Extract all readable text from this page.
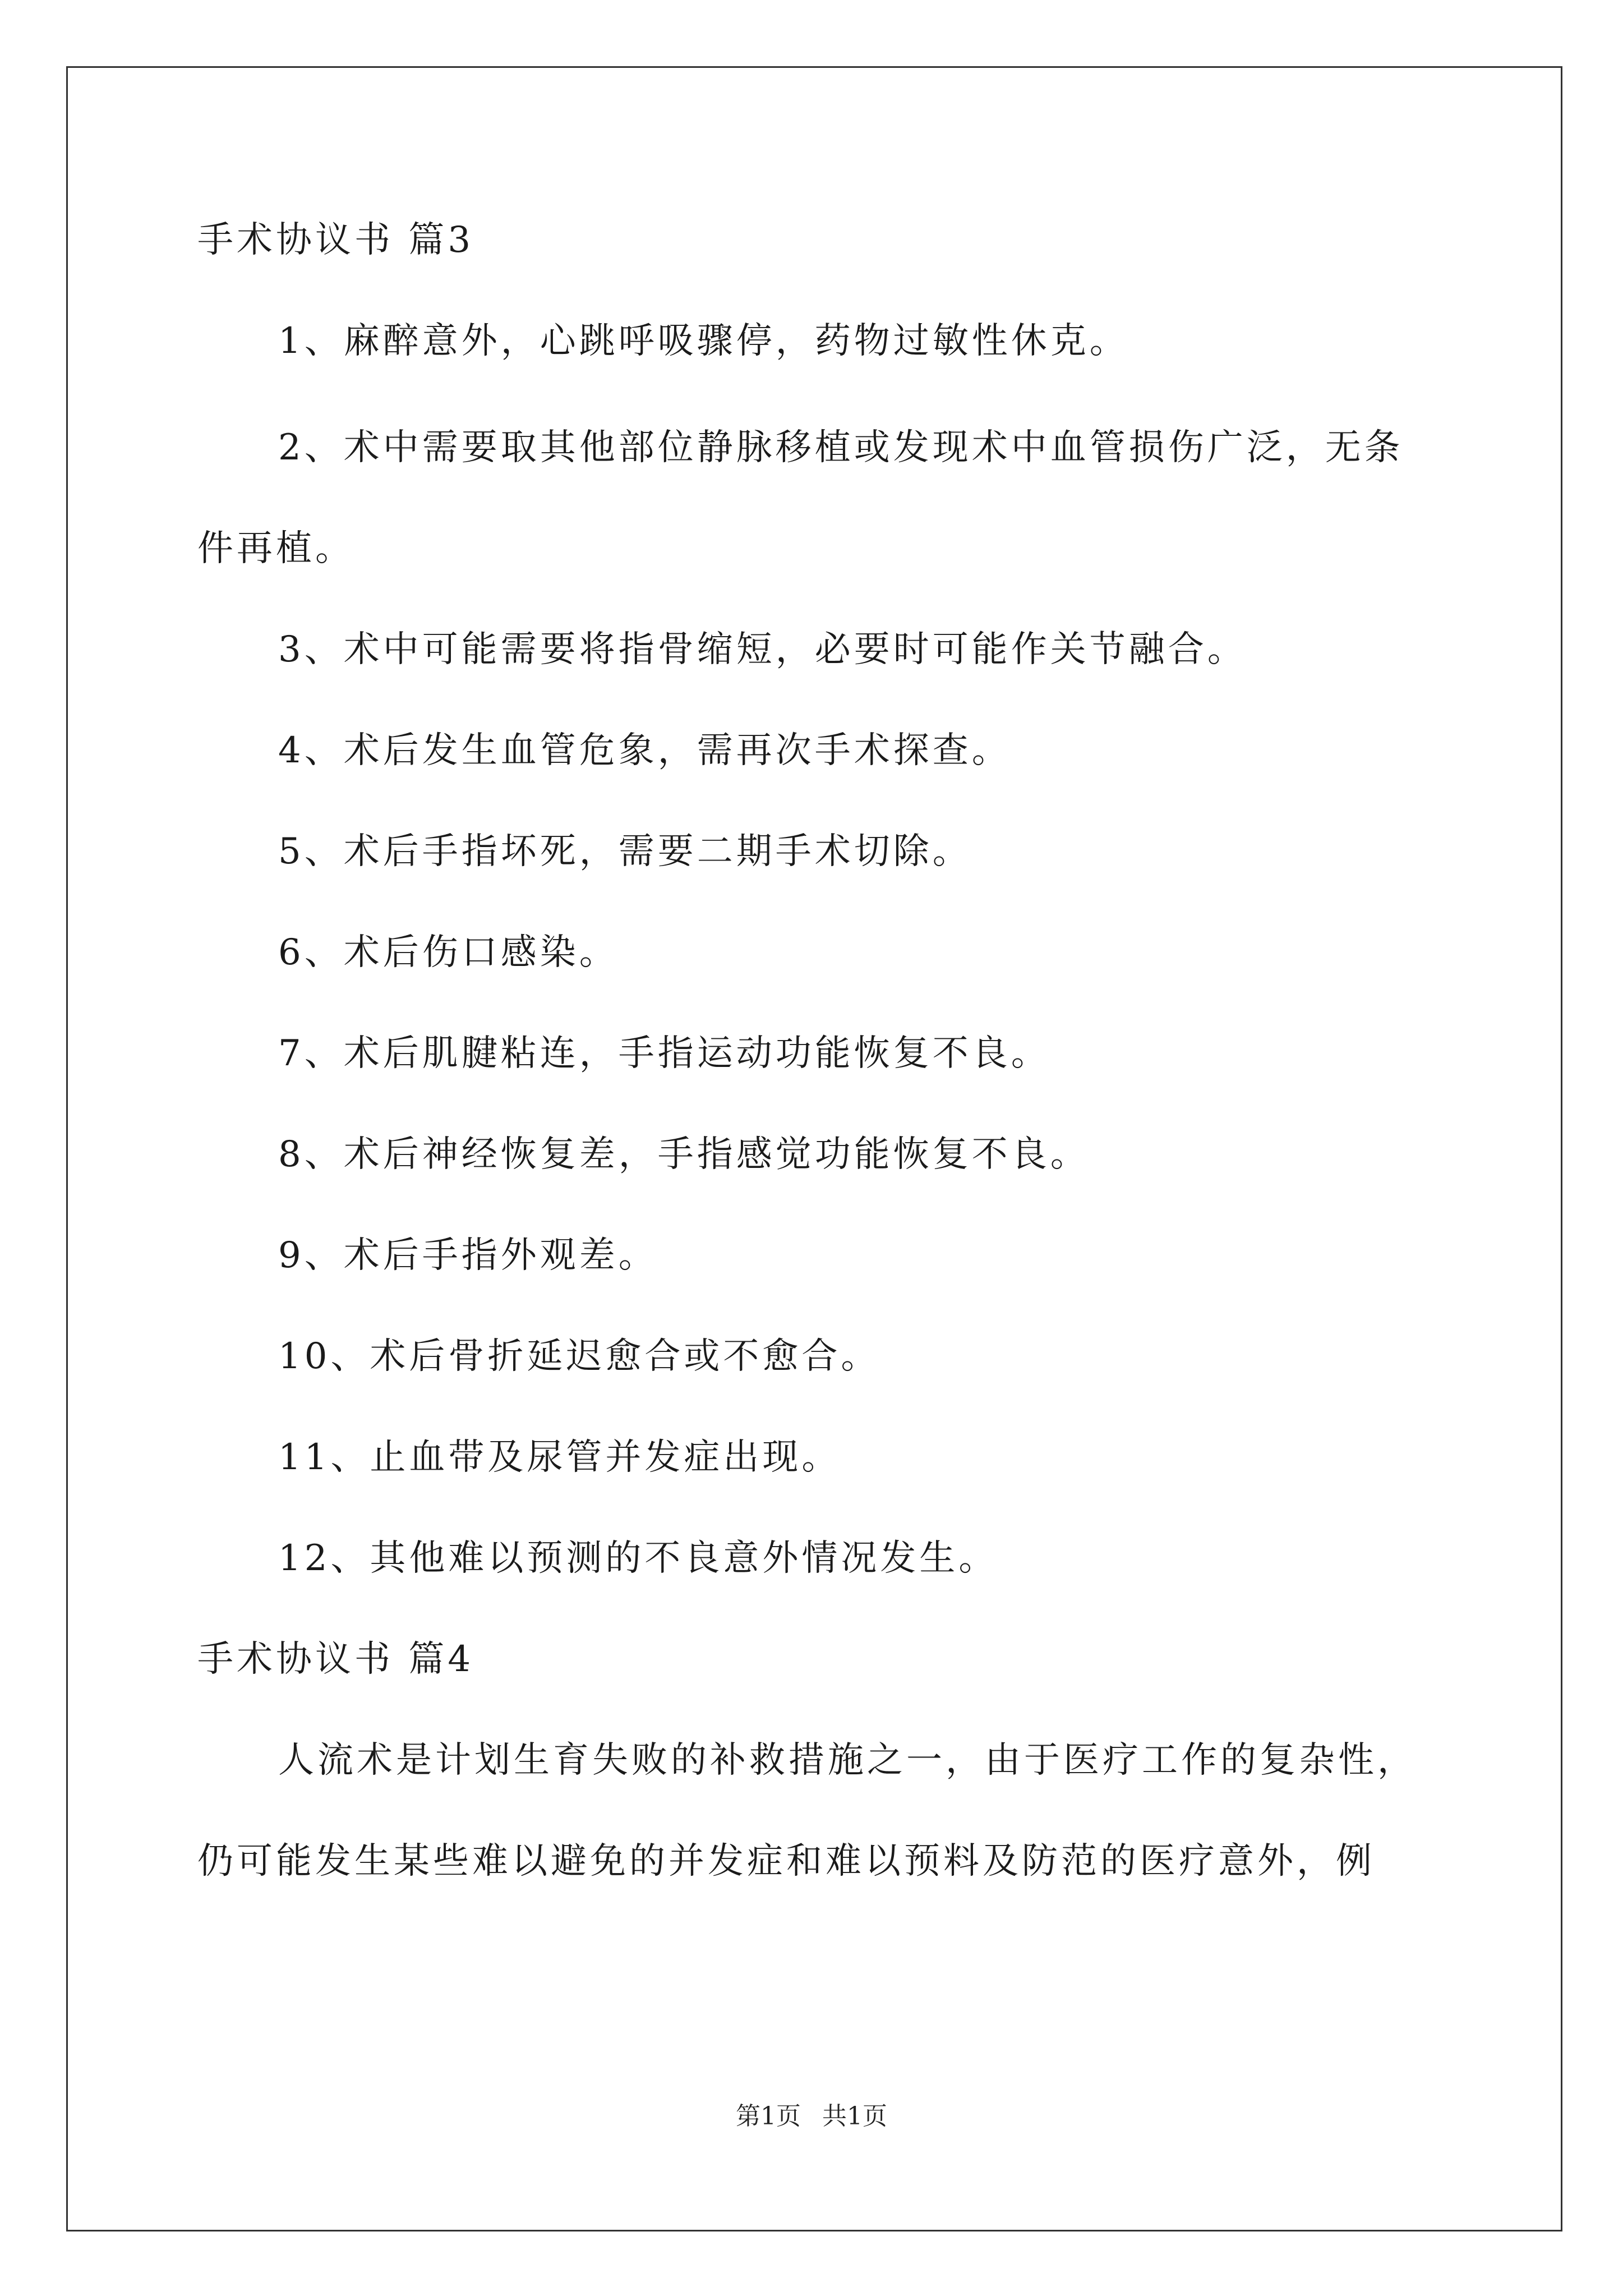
手术协议书 篇3
1、麻醉意外，心跳呼吸骤停，药物过敏性休克。
2、术中需要取其他部位静脉移植或发现术中血管损伤广泛，无条
件再植。
3、术中可能需要将指骨缩短，必要时可能作关节融合。
4、术后发生血管危象，需再次手术探查。
5、术后手指坏死，需要二期手术切除。
6、术后伤口感染。
7、术后肌腱粘连，手指运动功能恢复不良。
8、术后神经恢复差，手指感觉功能恢复不良。
9、术后手指外观差。
10、术后骨折延迟愈合或不愈合。
11、止血带及尿管并发症出现。
12、其他难以预测的不良意外情况发生。
手术协议书 篇4
人流术是计划生育失败的补救措施之一，由于医疗工作的复杂性，
仍可能发生某些难以避免的并发症和难以预料及防范的医疗意外，例
第1页 共1页
